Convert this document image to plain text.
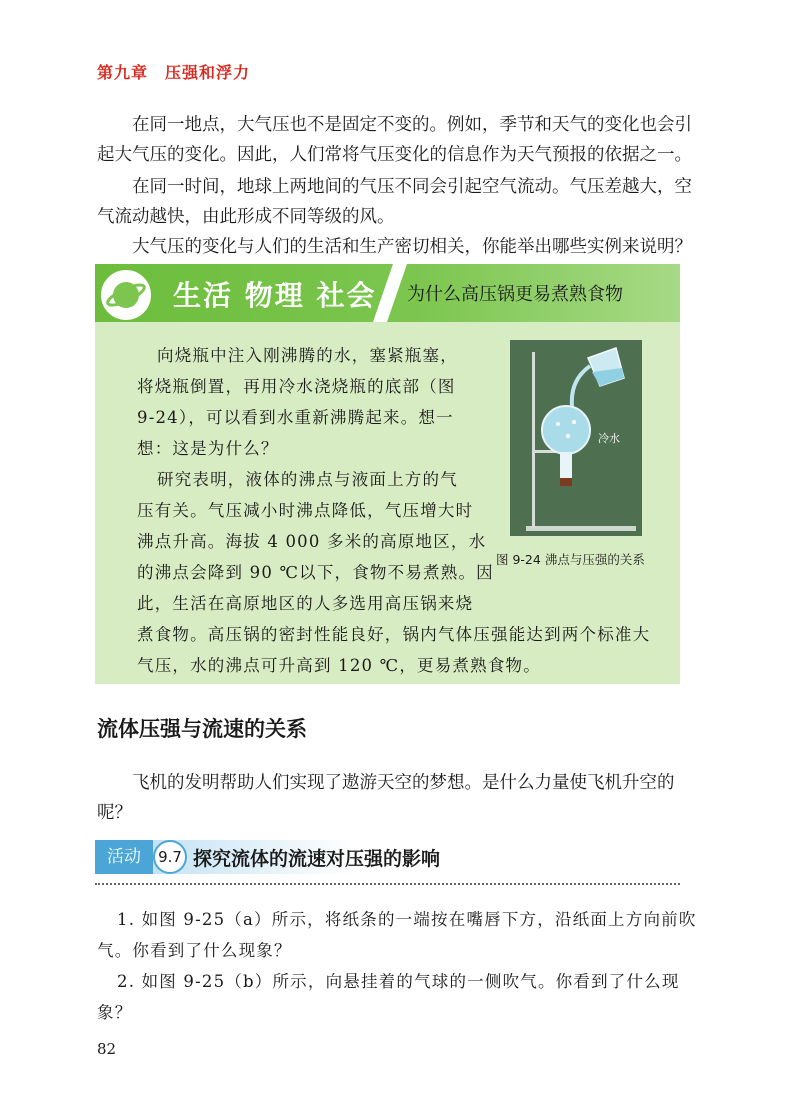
第九章　压强和浮力

在同一地点，大气压也不是固定不变的。例如，季节和天气的变化也会引起大气压的变化。因此，人们常将气压变化的信息作为天气预报的依据之一。

在同一时间，地球上两地间的气压不同会引起空气流动。气压差越大，空气流动越快，由此形成不同等级的风。

大气压的变化与人们的生活和生产密切相关，你能举出哪些实例来说明？

生活 物理 社会 为什么高压锅更易煮熟食物

向烧瓶中注入刚沸腾的水，塞紧瓶塞，

将烧瓶倒置，再用冷水浇烧瓶的底部（图

9-24），可以看到水重新沸腾起来。想一

想：这是为什么？

研究表明，液体的沸点与液面上方的气

压有关。气压减小时沸点降低，气压增大时

沸点升高。海拔 4 000 多米的高原地区，水

的沸点会降到 90 ℃以下，食物不易煮熟。因

此，生活在高原地区的人多选用高压锅来烧

煮食物。高压锅的密封性能良好，锅内气体压强能达到两个标准大

气压，水的沸点可升高到 120 ℃，更易煮熟食物。

冷水
图 9-24 沸点与压强的关系
流体压强与流速的关系

飞机的发明帮助人们实现了遨游天空的梦想。是什么力量使飞机升空的呢？

活动	9.7 探究流体的流速对压强的影响

1. 如图 9-25（a）所示，将纸条的一端按在嘴唇下方，沿纸面上方向前吹气。你看到了什么现象？

2. 如图 9-25（b）所示，向悬挂着的气球的一侧吹气。你看到了什么现象？

82
